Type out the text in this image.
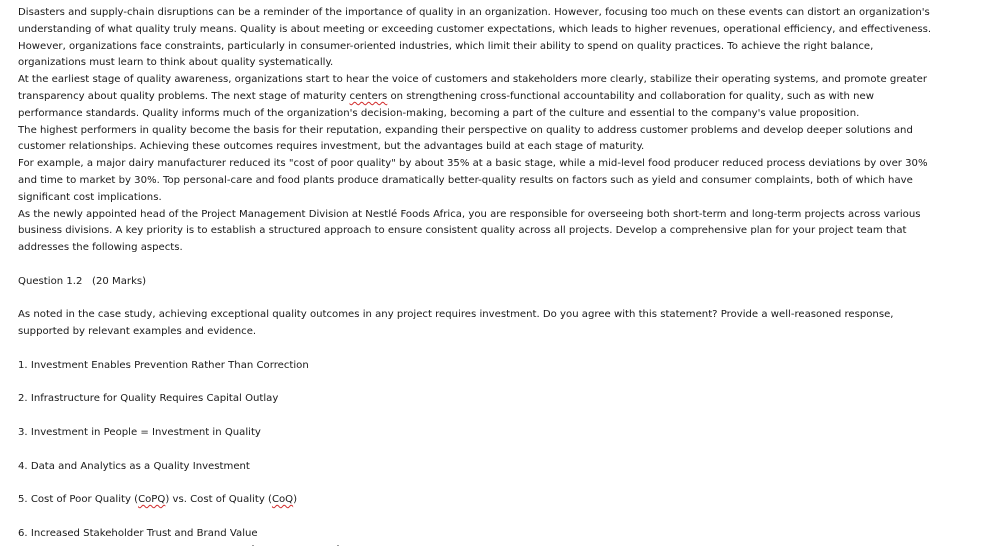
Disasters and supply-chain disruptions can be a reminder of the importance of quality in an organization. However, focusing too much on these events can distort an organization's understanding of what quality truly means. Quality is about meeting or exceeding customer expectations, which leads to higher revenues, operational efficiency, and effectiveness. However, organizations face constraints, particularly in consumer-oriented industries, which limit their ability to spend on quality practices. To achieve the right balance, organizations must learn to think about quality systematically.

At the earliest stage of quality awareness, organizations start to hear the voice of customers and stakeholders more clearly, stabilize their operating systems, and promote greater transparency about quality problems. The next stage of maturity centers on strengthening cross-functional accountability and collaboration for quality, such as with new performance standards. Quality informs much of the organization's decision-making, becoming a part of the culture and essential to the company's value proposition.

The highest performers in quality become the basis for their reputation, expanding their perspective on quality to address customer problems and develop deeper solutions and customer relationships. Achieving these outcomes requires investment, but the advantages build at each stage of maturity.

For example, a major dairy manufacturer reduced its "cost of poor quality" by about 35% at a basic stage, while a mid-level food producer reduced process deviations by over 30% and time to market by 30%. Top personal-care and food plants produce dramatically better-quality results on factors such as yield and consumer complaints, both of which have significant cost implications.

As the newly appointed head of the Project Management Division at Nestlé Foods Africa, you are responsible for overseeing both short-term and long-term projects across various business divisions. A key priority is to establish a structured approach to ensure consistent quality across all projects. Develop a comprehensive plan for your project team that addresses the following aspects.

Question 1.2   (20 Marks)

As noted in the case study, achieving exceptional quality outcomes in any project requires investment. Do you agree with this statement? Provide a well-reasoned response, supported by relevant examples and evidence.

1. Investment Enables Prevention Rather Than Correction

2. Infrastructure for Quality Requires Capital Outlay

3. Investment in People = Investment in Quality

4. Data and Analytics as a Quality Investment

5. Cost of Poor Quality (CoPQ) vs. Cost of Quality (CoQ)

6. Increased Stakeholder Trust and Brand Value
